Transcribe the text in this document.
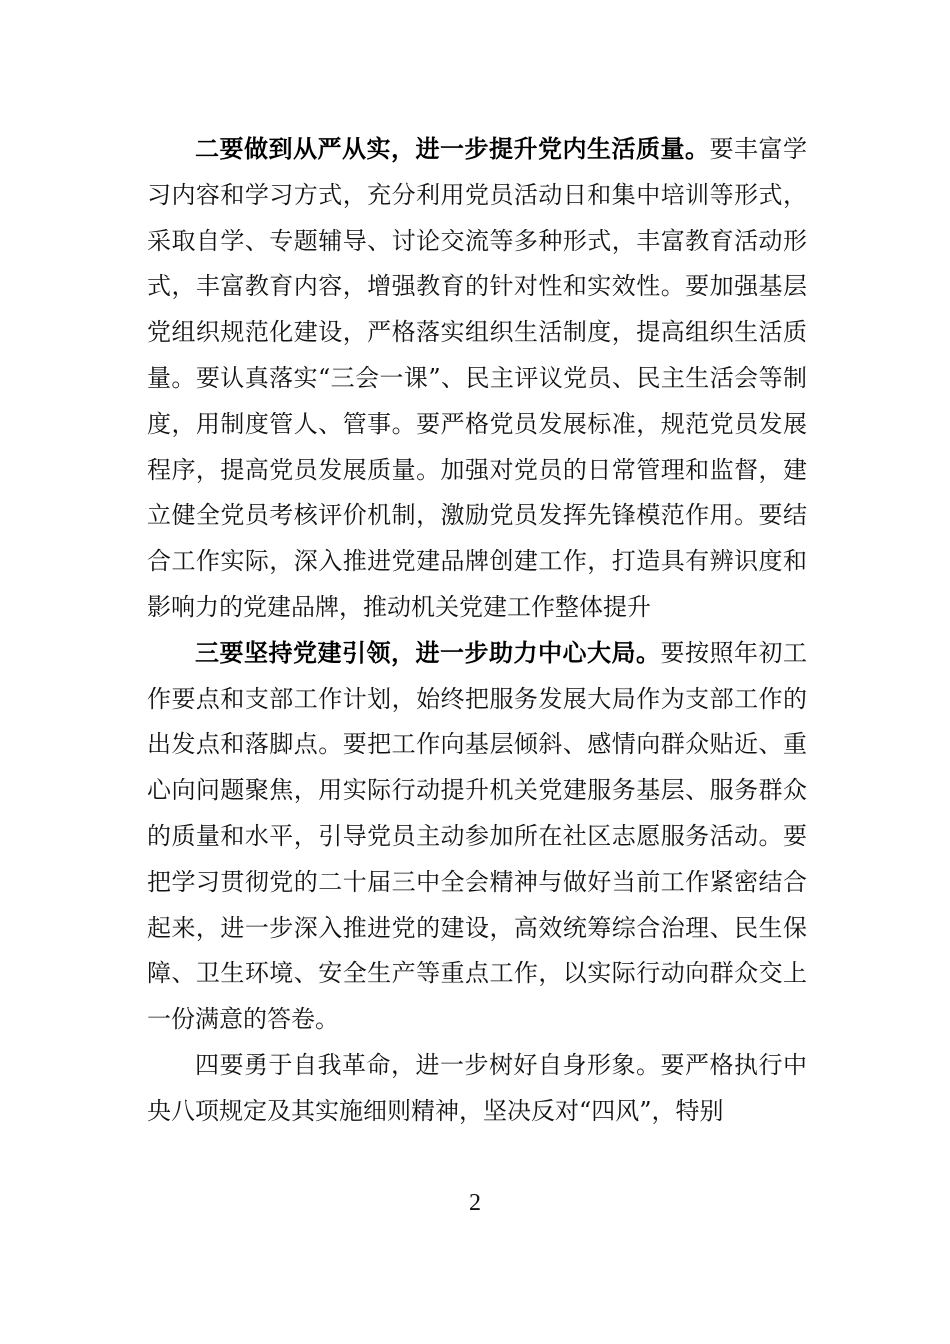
二要做到从严从实，进一步提升党内生活质量。要丰富学习内容和学习方式，充分利用党员活动日和集中培训等形式，采取自学、专题辅导、讨论交流等多种形式，丰富教育活动形式，丰富教育内容，增强教育的针对性和实效性。要加强基层党组织规范化建设，严格落实组织生活制度，提高组织生活质量。要认真落实“三会一课”、民主评议党员、民主生活会等制度，用制度管人、管事。要严格党员发展标准，规范党员发展程序，提高党员发展质量。加强对党员的日常管理和监督，建立健全党员考核评价机制，激励党员发挥先锋模范作用。要结合工作实际，深入推进党建品牌创建工作，打造具有辨识度和影响力的党建品牌，推动机关党建工作整体提升

三要坚持党建引领，进一步助力中心大局。要按照年初工作要点和支部工作计划，始终把服务发展大局作为支部工作的出发点和落脚点。要把工作向基层倾斜、感情向群众贴近、重心向问题聚焦，用实际行动提升机关党建服务基层、服务群众的质量和水平，引导党员主动参加所在社区志愿服务活动。要把学习贯彻党的二十届三中全会精神与做好当前工作紧密结合起来，进一步深入推进党的建设，高效统筹综合治理、民生保障、卫生环境、安全生产等重点工作，以实际行动向群众交上一份满意的答卷。

四要勇于自我革命，进一步树好自身形象。要严格执行中央八项规定及其实施细则精神，坚决反对“四风”，特别

2
